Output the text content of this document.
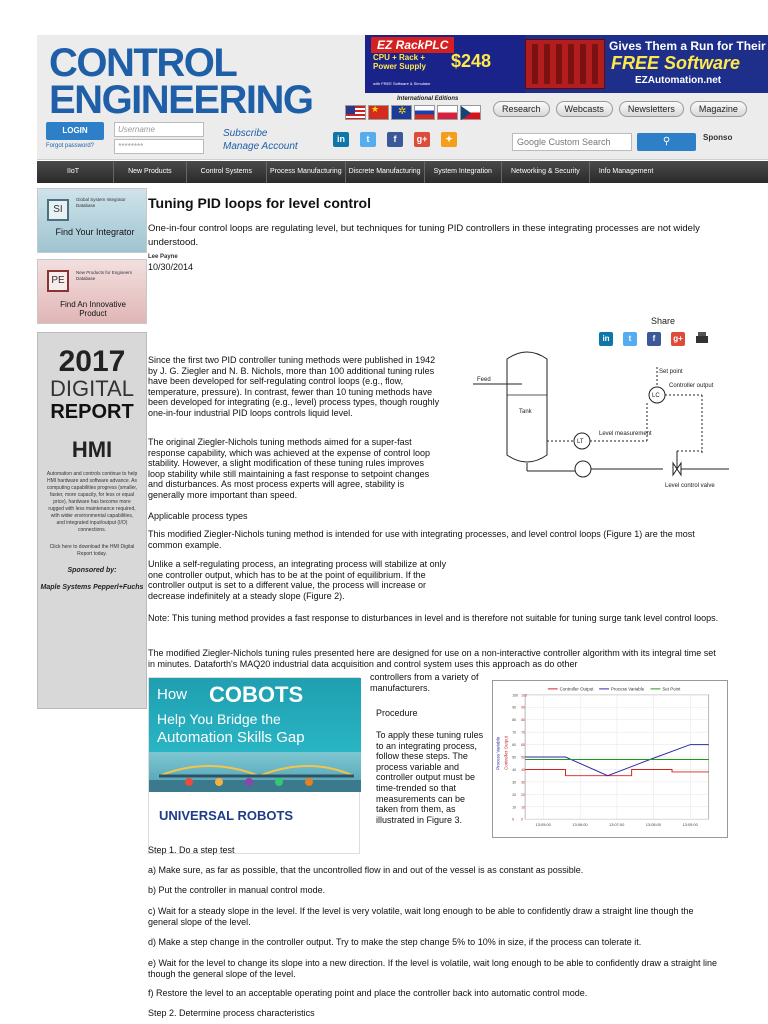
CONTROL
ENGINEERING
EZ RackPLC
CPU + Rack + Power Supply	$248
with FREE Software & Simulator
Gives Them a Run for Their
FREE Software
EZAutomation.net
International Editions
★
✲
Research	Webcasts	Newsletters	Magazine
LOGIN
Forgot password?
Username
********
Subscribe
Manage Account
in	t	f	g+	✦	Google Custom Search	⚲	Sponso
IIoT	New Products	Control Systems	Process Manufacturing	Discrete Manufacturing	System Integration	Networking & Security	Info Management
SI
Global System Integrator Database
Find Your Integrator
PE
New Products for Engineers Database
Find An Innovative Product
2017
DIGITAL
REPORT
HMI
Automation and controls continue to help HMI hardware and software advance. As computing capabilities progress (smaller, faster, more capacity, for less or equal price), hardware has become more rugged with less maintenance required, with wider environmental capabilities, and integrated input/output (I/O) connections.
Click here to download the HMI Digital Report today.
Sponsored by:
Maple Systems Pepperl+Fuchs
Tuning PID loops for level control
One-in-four control loops are regulating level, but techniques for tuning PID controllers in these integrating processes are not widely understood.
Lee Payne
10/30/2014
Share
in	t	f	g+
Since the first two PID controller tuning methods were published in 1942 by J. G. Ziegler and N. B. Nichols, more than 100 additional tuning rules have been developed for self-regulating control loops (e.g., flow, temperature, pressure). In contrast, fewer than 10 tuning methods have been developed for integrating (e.g., level) process types, though roughly one-in-four industrial PID loops controls liquid level.
The original Ziegler-Nichols tuning methods aimed for a super-fast response capability, which was achieved at the expense of control loop stability. However, a slight modification of these tuning rules improves loop stability while still maintaining a fast response to setpoint changes and disturbances. As most process experts will agree, stability is generally more important than speed.
Applicable process types
This modified Ziegler-Nichols tuning method is intended for use with integrating processes, and level control loops (Figure 1) are the most common example.
Unlike a self-regulating process, an integrating process will stabilize at only one controller output, which has to be at the point of equilibrium. If the controller output is set to a different value, the process will increase or decrease indefinitely at a steady slope (Figure 2).
Note: This tuning method provides a fast response to disturbances in level and is therefore not suitable for tuning surge tank level control loops.
The modified Ziegler-Nichols tuning rules presented here are designed for use on a non-interactive controller algorithm with its integral time set in minutes. Dataforth's MAQ20 industrial data acquisition and control system uses this approach as do other
controllers from a variety of manufacturers.
Procedure
To apply these tuning rules to an integrating process, follow these steps. The process variable and controller output must be time-trended so that measurements can be taken from them, as illustrated in Figure 3.
Feed
Tank
LT
LC
Set point
Controller output
Level measurement
Level control valve
How COBOTS
Help You Bridge the
Automation Skills Gap
UNIVERSAL ROBOTS	0 0
10 10
20 20
30 30
40 40
50 50
60 60
70 70
80 80
90 90
100 100
13:05:00	13:06:00	13:07:00	13:08:00	13:09:00
Process Variable Controller Output
Controller Output	Process Variable	Set Point
Step 1. Do a step test
a) Make sure, as far as possible, that the uncontrolled flow in and out of the vessel is as constant as possible.
b) Put the controller in manual control mode.
c) Wait for a steady slope in the level. If the level is very volatile, wait long enough to be able to confidently draw a straight line though the general slope of the level.
d) Make a step change in the controller output. Try to make the step change 5% to 10% in size, if the process can tolerate it.
e) Wait for the level to change its slope into a new direction. If the level is volatile, wait long enough to be able to confidently draw a straight line though the general slope of the level.
f) Restore the level to an acceptable operating point and place the controller back into automatic control mode.
Step 2. Determine process characteristics
